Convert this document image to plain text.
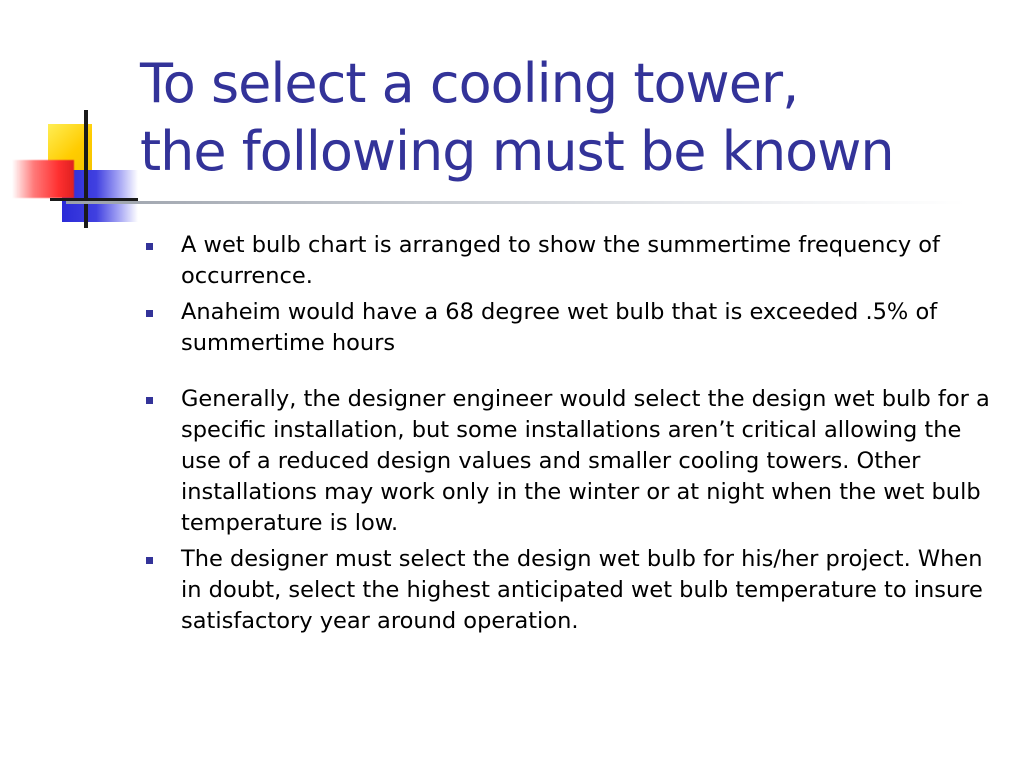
To select a cooling tower,
the following must be known
A wet bulb chart is arranged to show the summertime frequency of occurrence.
Anaheim would have a 68 degree wet bulb that is exceeded .5% of summertime hours
Generally, the designer engineer would select the design wet bulb for a specific installation, but some installations aren’t critical allowing the use of a reduced design values and smaller cooling towers. Other installations may work only in the winter or at night when the wet bulb temperature is low.
The designer must select the design wet bulb for his/her project. When in doubt, select the highest anticipated wet bulb temperature to insure satisfactory year around operation.
